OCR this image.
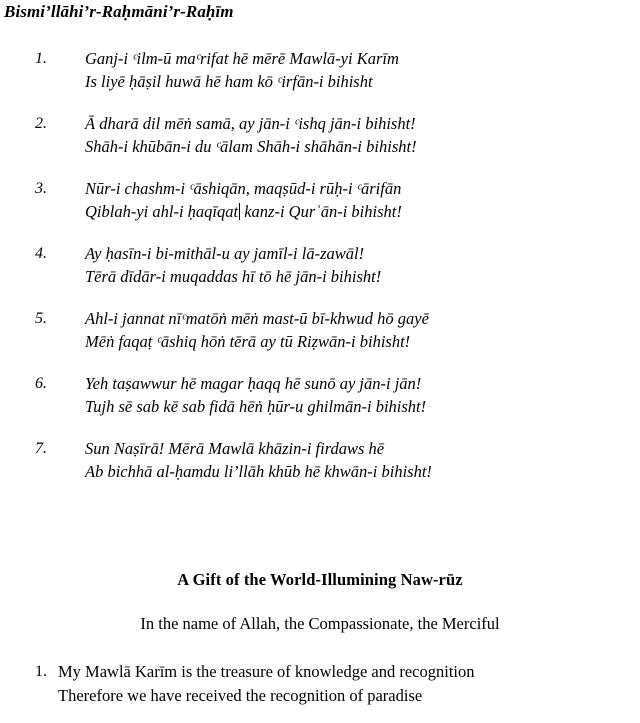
Bismi’llāhi’r-Raḥmāni’r-Raḥīm
1.	Ganj-i ᶜilm-ū maᶜrifat hē mērē Mawlā-yi Karīm
Is liyē ḥāṣil huwā hē ham kō ᶜirfān-i bihisht
2.	Ā dharā dil mēṅ samā, ay jān-i ᶜishq jān-i bihisht!
Shāh-i khūbān-i du ᶜālam Shāh-i shāhān-i bihisht!
3.	Nūr-i chashm-i ᶜāshiqān, maqṣūd-i rūḥ-i ᶜārifān
Qiblah-yi ahl-i ḥaqīqat kanz-i Qurʾān-i bihisht!
4.	Ay ḥasīn-i bi-mithāl-u ay jamīl-i lā-zawāl!
Tērā dīdār-i muqaddas hī tō hē jān-i bihisht!
5.	Ahl-i jannat nīᶜmatōṅ mēṅ mast-ū bī-khwud hō gayē
Mēṅ faqaṭ ᶜāshiq hōṅ tērā ay tū Riẓwān-i bihisht!
6.	Yeh taṣawwur hē magar ḥaqq hē sunō ay jān-i jān!
Tujh sē sab kē sab fidā hēṅ ḥūr-u ghilmān-i bihisht!
7.	Sun Naṣīrā! Mērā Mawlā khāzin-i firdaws hē
Ab bichhā al-ḥamdu li’llāh khūb hē khwān-i bihisht!
A Gift of the World-Illumining Naw-rūz
In the name of Allah, the Compassionate, the Merciful
1. My Mawlā Karīm is the treasure of knowledge and recognition
Therefore we have received the recognition of paradise
